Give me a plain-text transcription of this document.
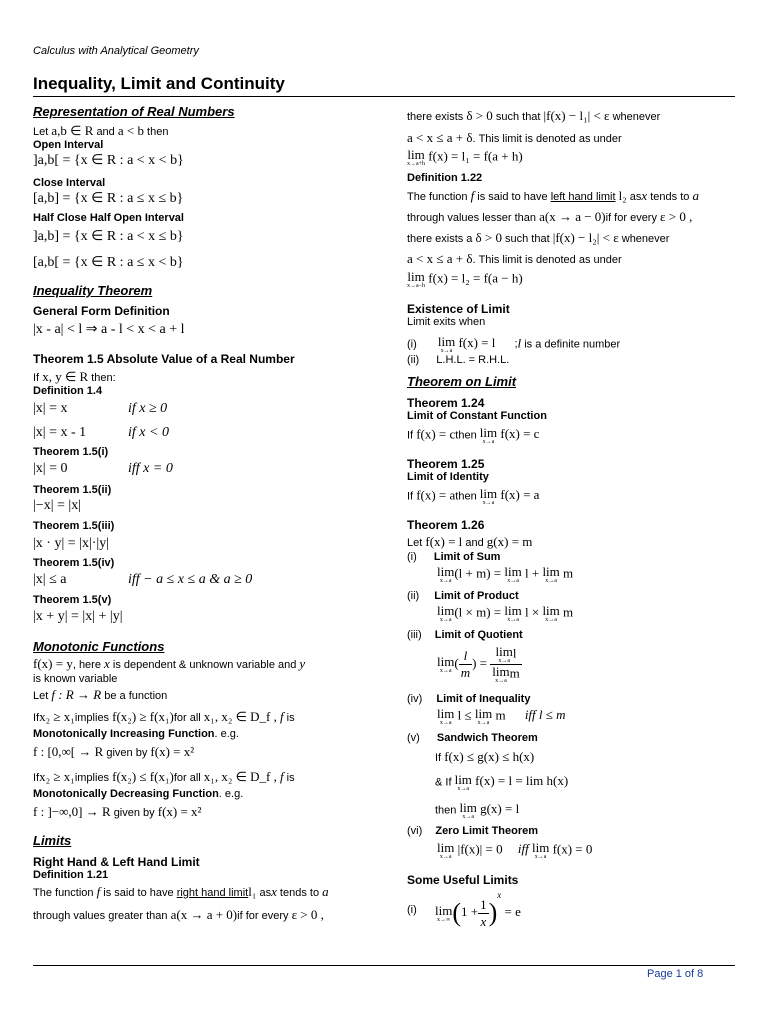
Calculus with Analytical Geometry
Inequality, Limit and Continuity
Representation of Real Numbers
Let a,b ∈ R and a < b then
Open Interval
]a,b[ = {x ∈ R : a < x < b}
Close Interval
[a,b] = {x ∈ R : a ≤ x ≤ b}
Half Close Half Open Interval
]a,b] = {x ∈ R : a < x ≤ b}
[a,b[ = {x ∈ R : a ≤ x < b}
Inequality Theorem
General Form Definition
|x - a| < l ⇒ a - l < x < a + l
Theorem 1.5 Absolute Value of a Real Number
If x, y ∈ R then:
Definition 1.4
|x| = x	if x ≥ 0
|x| = x - 1	if x < 0
Theorem 1.5(i)
|x| = 0	iff x = 0
Theorem 1.5(ii)
|−x| = |x|
Theorem 1.5(iii)
|x · y| = |x|·|y|
Theorem 1.5(iv)
|x| ≤ a	iff − a ≤ x ≤ a & a ≥ 0
Theorem 1.5(v)
|x + y| = |x| + |y|
Monotonic Functions
f(x) = y, here x is dependent & unknown variable and y
is known variable
Let f : R → R be a function
Ifx₂ ≥ x₁implies f(x₂) ≥ f(x₁)for all x₁, x₂ ∈ D_f , f is
Monotonically Increasing Function. e.g.
f : [0,∞[ → R given by f(x) = x²
Ifx₂ ≥ x₁implies f(x₂) ≤ f(x₁)for all x₁, x₂ ∈ D_f , f is
Monotonically Decreasing Function. e.g.
f : ]−∞,0] → R given by f(x) = x²
Limits
Right Hand & Left Hand Limit
Definition 1.21
The function f is said to have right hand limitl₁ asx tends to a
through values greater than a(x → a + 0)if for every ε > 0 ,
there exists δ > 0 such that |f(x) − l₁| < ε whenever
a < x ≤ a + δ. This limit is denoted as under
lim
x→a+h
f(x) = l₁ = f(a + h)
Definition 1.22
The function f is said to have left hand limit l₂ asx tends to a
through values lesser than a(x → a − 0)if for every ε > 0 ,
there exists a δ > 0 such that |f(x) − l₂| < ε whenever
a < x ≤ a + δ. This limit is denoted as under
lim
x→a−h
f(x) = l₂ = f(a − h)
Existence of Limit
Limit exits when
(i) lim
x→a
f(x) = l ;l is a definite number
(ii) L.H.L. = R.H.L.
Theorem on Limit
Theorem 1.24
Limit of Constant Function
If f(x) = cthen lim
x→a
f(x) = c
Theorem 1.25
Limit of Identity
If f(x) = athen lim
x→a
f(x) = a
Theorem 1.26
Let f(x) = l and g(x) = m
(i) Limit of Sum
lim
x→a
(l + m) = lim
x→a
l + lim
x→a
m
(ii) Limit of Product
lim
x→a
(l × m) = lim
x→a
l × lim
x→a
m
(iii) Limit of Quotient
lim
x→a
( $\frac{l}{m}$ ) = lim
x→a
l
lim
x→a
m
(iv) Limit of Inequality
lim
x→a
l ≤ lim
x→a
m iff l ≤ m
(v) Sandwich Theorem
If f(x) ≤ g(x) ≤ h(x)
& If lim
x→a
f(x) = l = lim h(x)
then lim
x→a
g(x) = l
(vi) Zero Limit Theorem
lim
x→a
|f(x)| = 0 iff lim
x→a
f(x) = 0
Some Useful Limits
(i) lim
x→∞ $(1 + \frac{1}{x} )^x = e$
Page 1 of 8
